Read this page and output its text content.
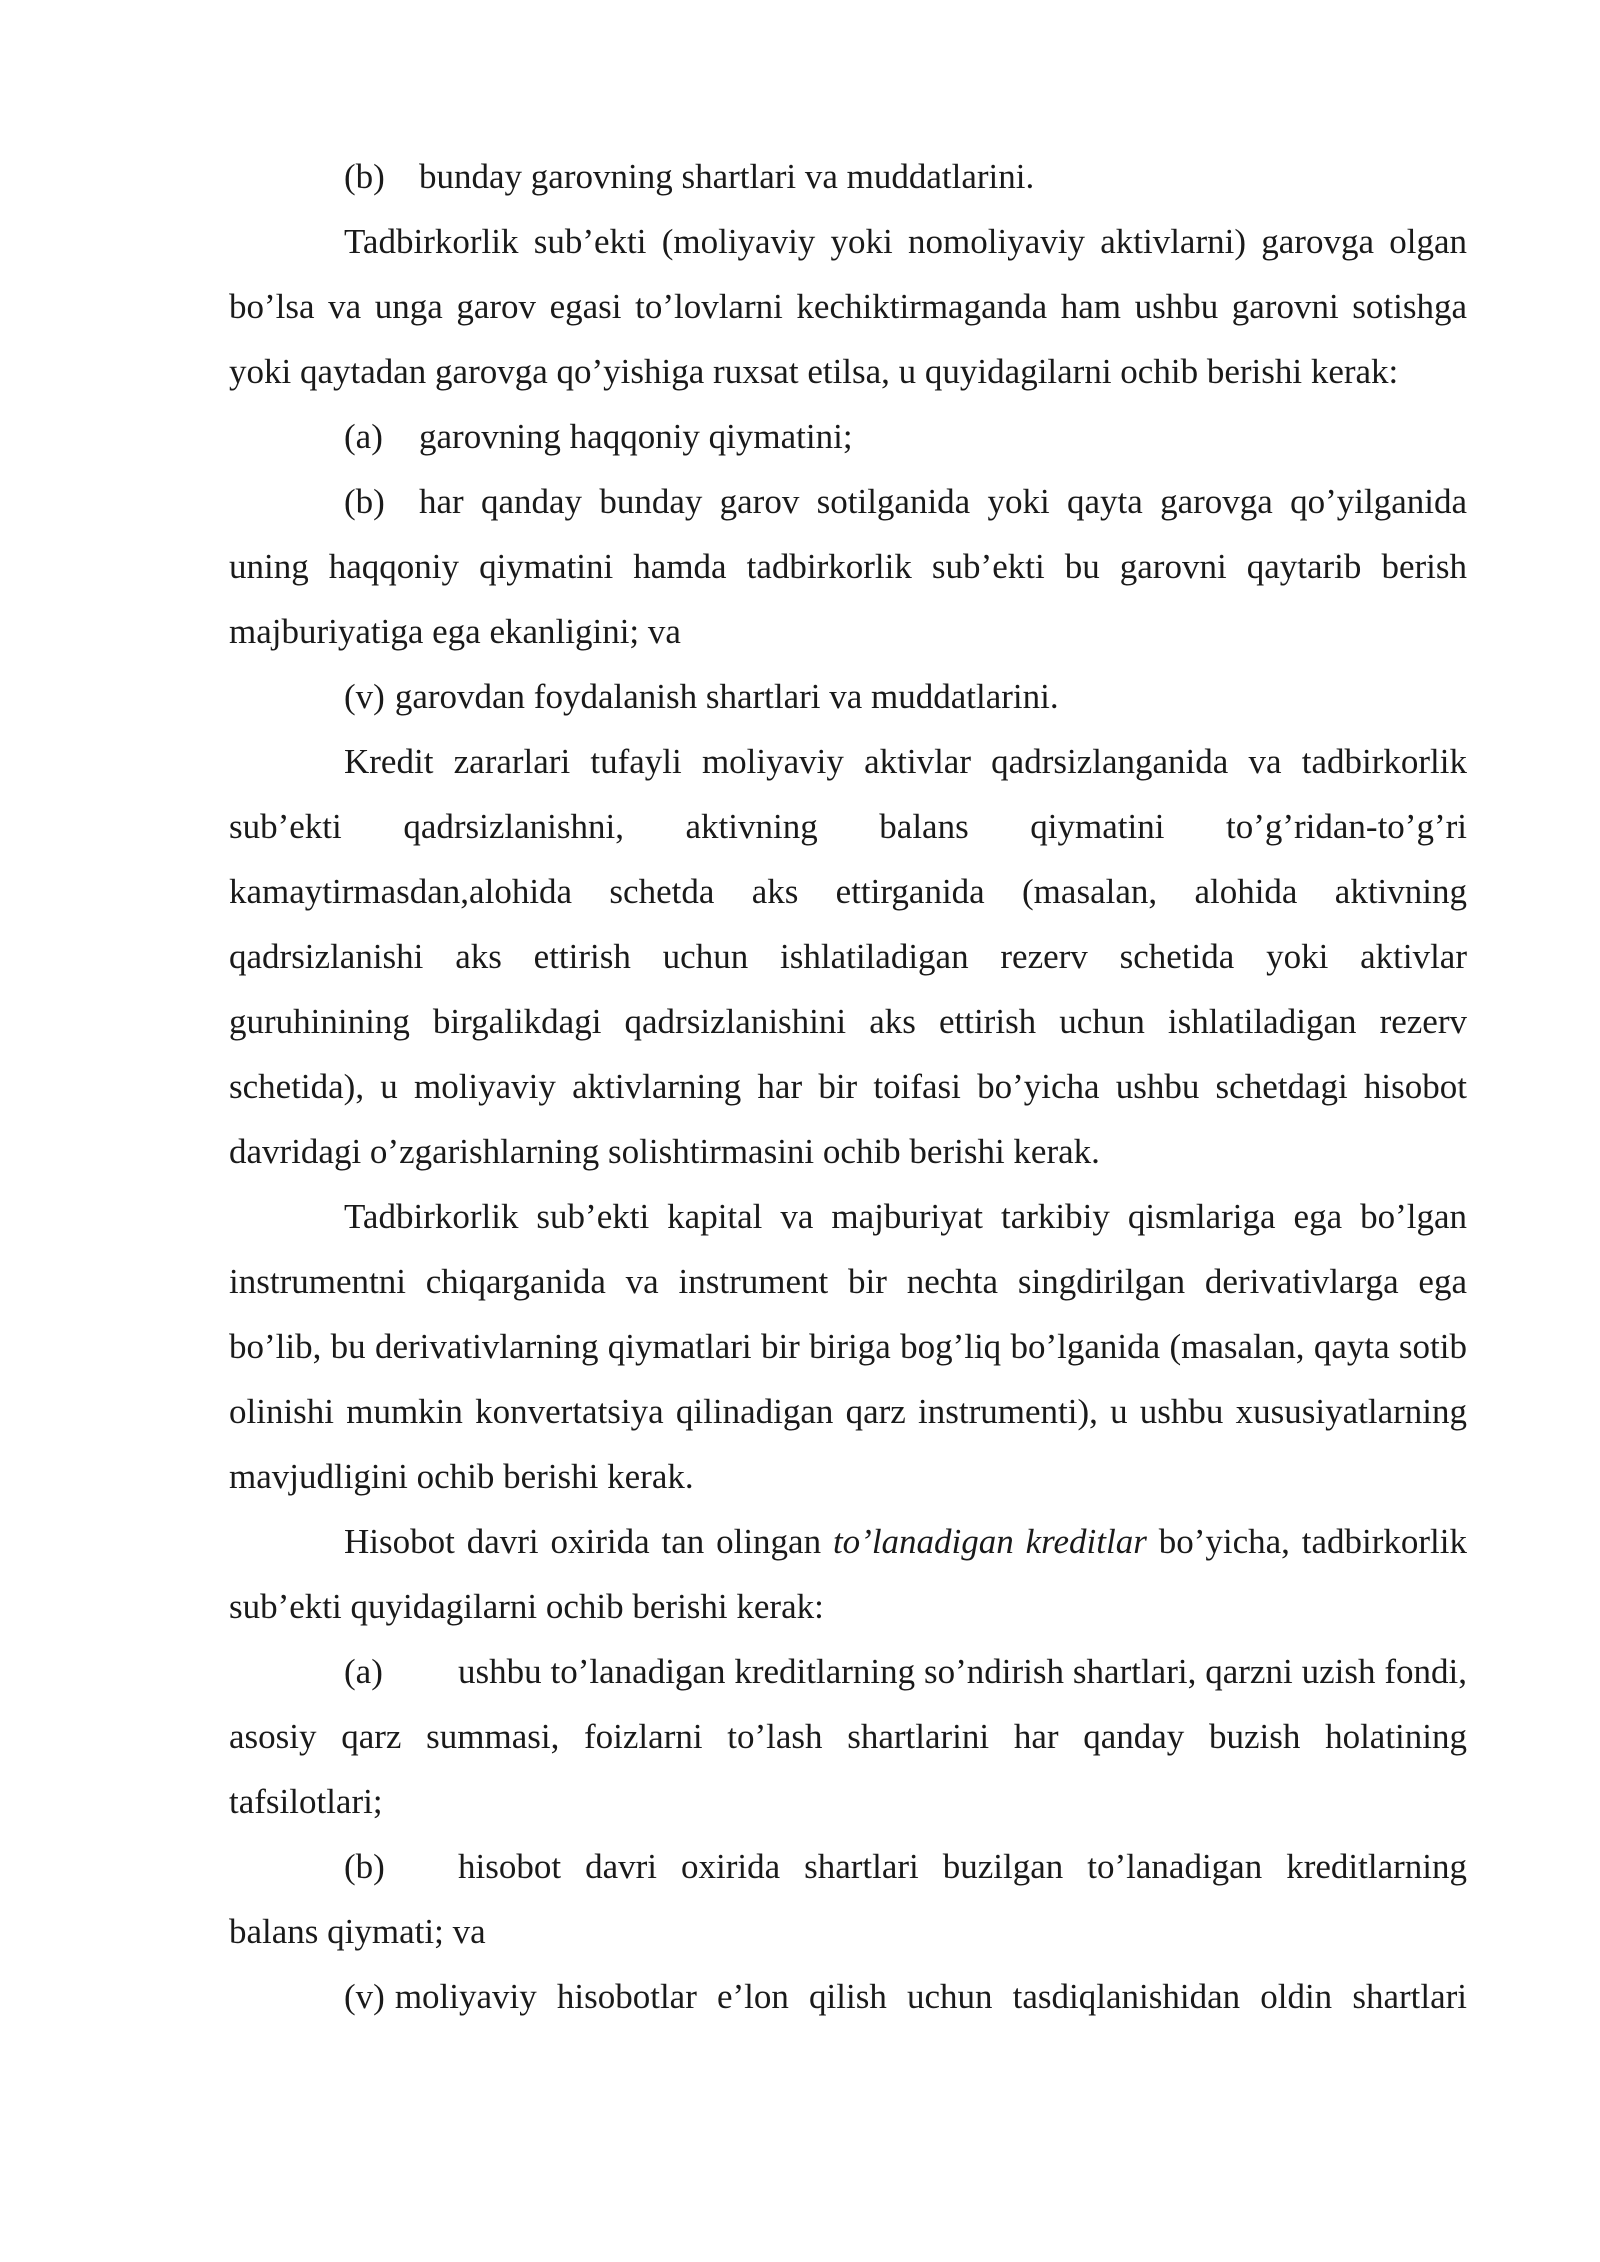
(b) bunday garovning shartlari va muddatlarini.

Tadbirkorlik sub’ekti (moliyaviy yoki nomoliyaviy aktivlarni) garovga olgan bo’lsa va unga garov egasi to’lovlarni kechiktirmaganda ham ushbu garovni sotishga yoki qaytadan garovga qo’yishiga ruxsat etilsa, u quyidagilarni ochib berishi kerak:

(a) garovning haqqoniy qiymatini;

(b) har qanday bunday garov sotilganida yoki qayta garovga qo’yilganida uning haqqoniy qiymatini hamda tadbirkorlik sub’ekti bu garovni qaytarib berish majburiyatiga ega ekanligini; va

(v) garovdan foydalanish shartlari va muddatlarini.

Kredit zararlari tufayli moliyaviy aktivlar qadrsizlanganida va tadbirkorlik sub’ekti qadrsizlanishni, aktivning balans qiymatini to’g’ridan-to’g’ri kamaytirmasdan,alohida schetda aks ettirganida (masalan, alohida aktivning qadrsizlanishi aks ettirish uchun ishlatiladigan rezerv schetida yoki aktivlar guruhinining birgalikdagi qadrsizlanishini aks ettirish uchun ishlatiladigan rezerv schetida), u moliyaviy aktivlarning har bir toifasi bo’yicha ushbu schetdagi hisobot davridagi o’zgarishlarning solishtirmasini ochib berishi kerak.

Tadbirkorlik sub’ekti kapital va majburiyat tarkibiy qismlariga ega bo’lgan instrumentni chiqarganida va instrument bir nechta singdirilgan derivativlarga ega bo’lib, bu derivativlarning qiymatlari bir biriga bog’liq bo’lganida (masalan, qayta sotib olinishi mumkin konvertatsiya qilinadigan qarz instrumenti), u ushbu xususiyatlarning mavjudligini ochib berishi kerak.

Hisobot davri oxirida tan olingan to’lanadigan kreditlar bo’yicha, tadbirkorlik sub’ekti quyidagilarni ochib berishi kerak:

(a) ushbu to’lanadigan kreditlarning so’ndirish shartlari, qarzni uzish fondi, asosiy qarz summasi, foizlarni to’lash shartlarini har qanday buzish holatining tafsilotlari;

(b) hisobot davri oxirida shartlari buzilgan to’lanadigan kreditlarning balans qiymati; va

(v) moliyaviy hisobotlar e’lon qilish uchun tasdiqlanishidan oldin shartlari
